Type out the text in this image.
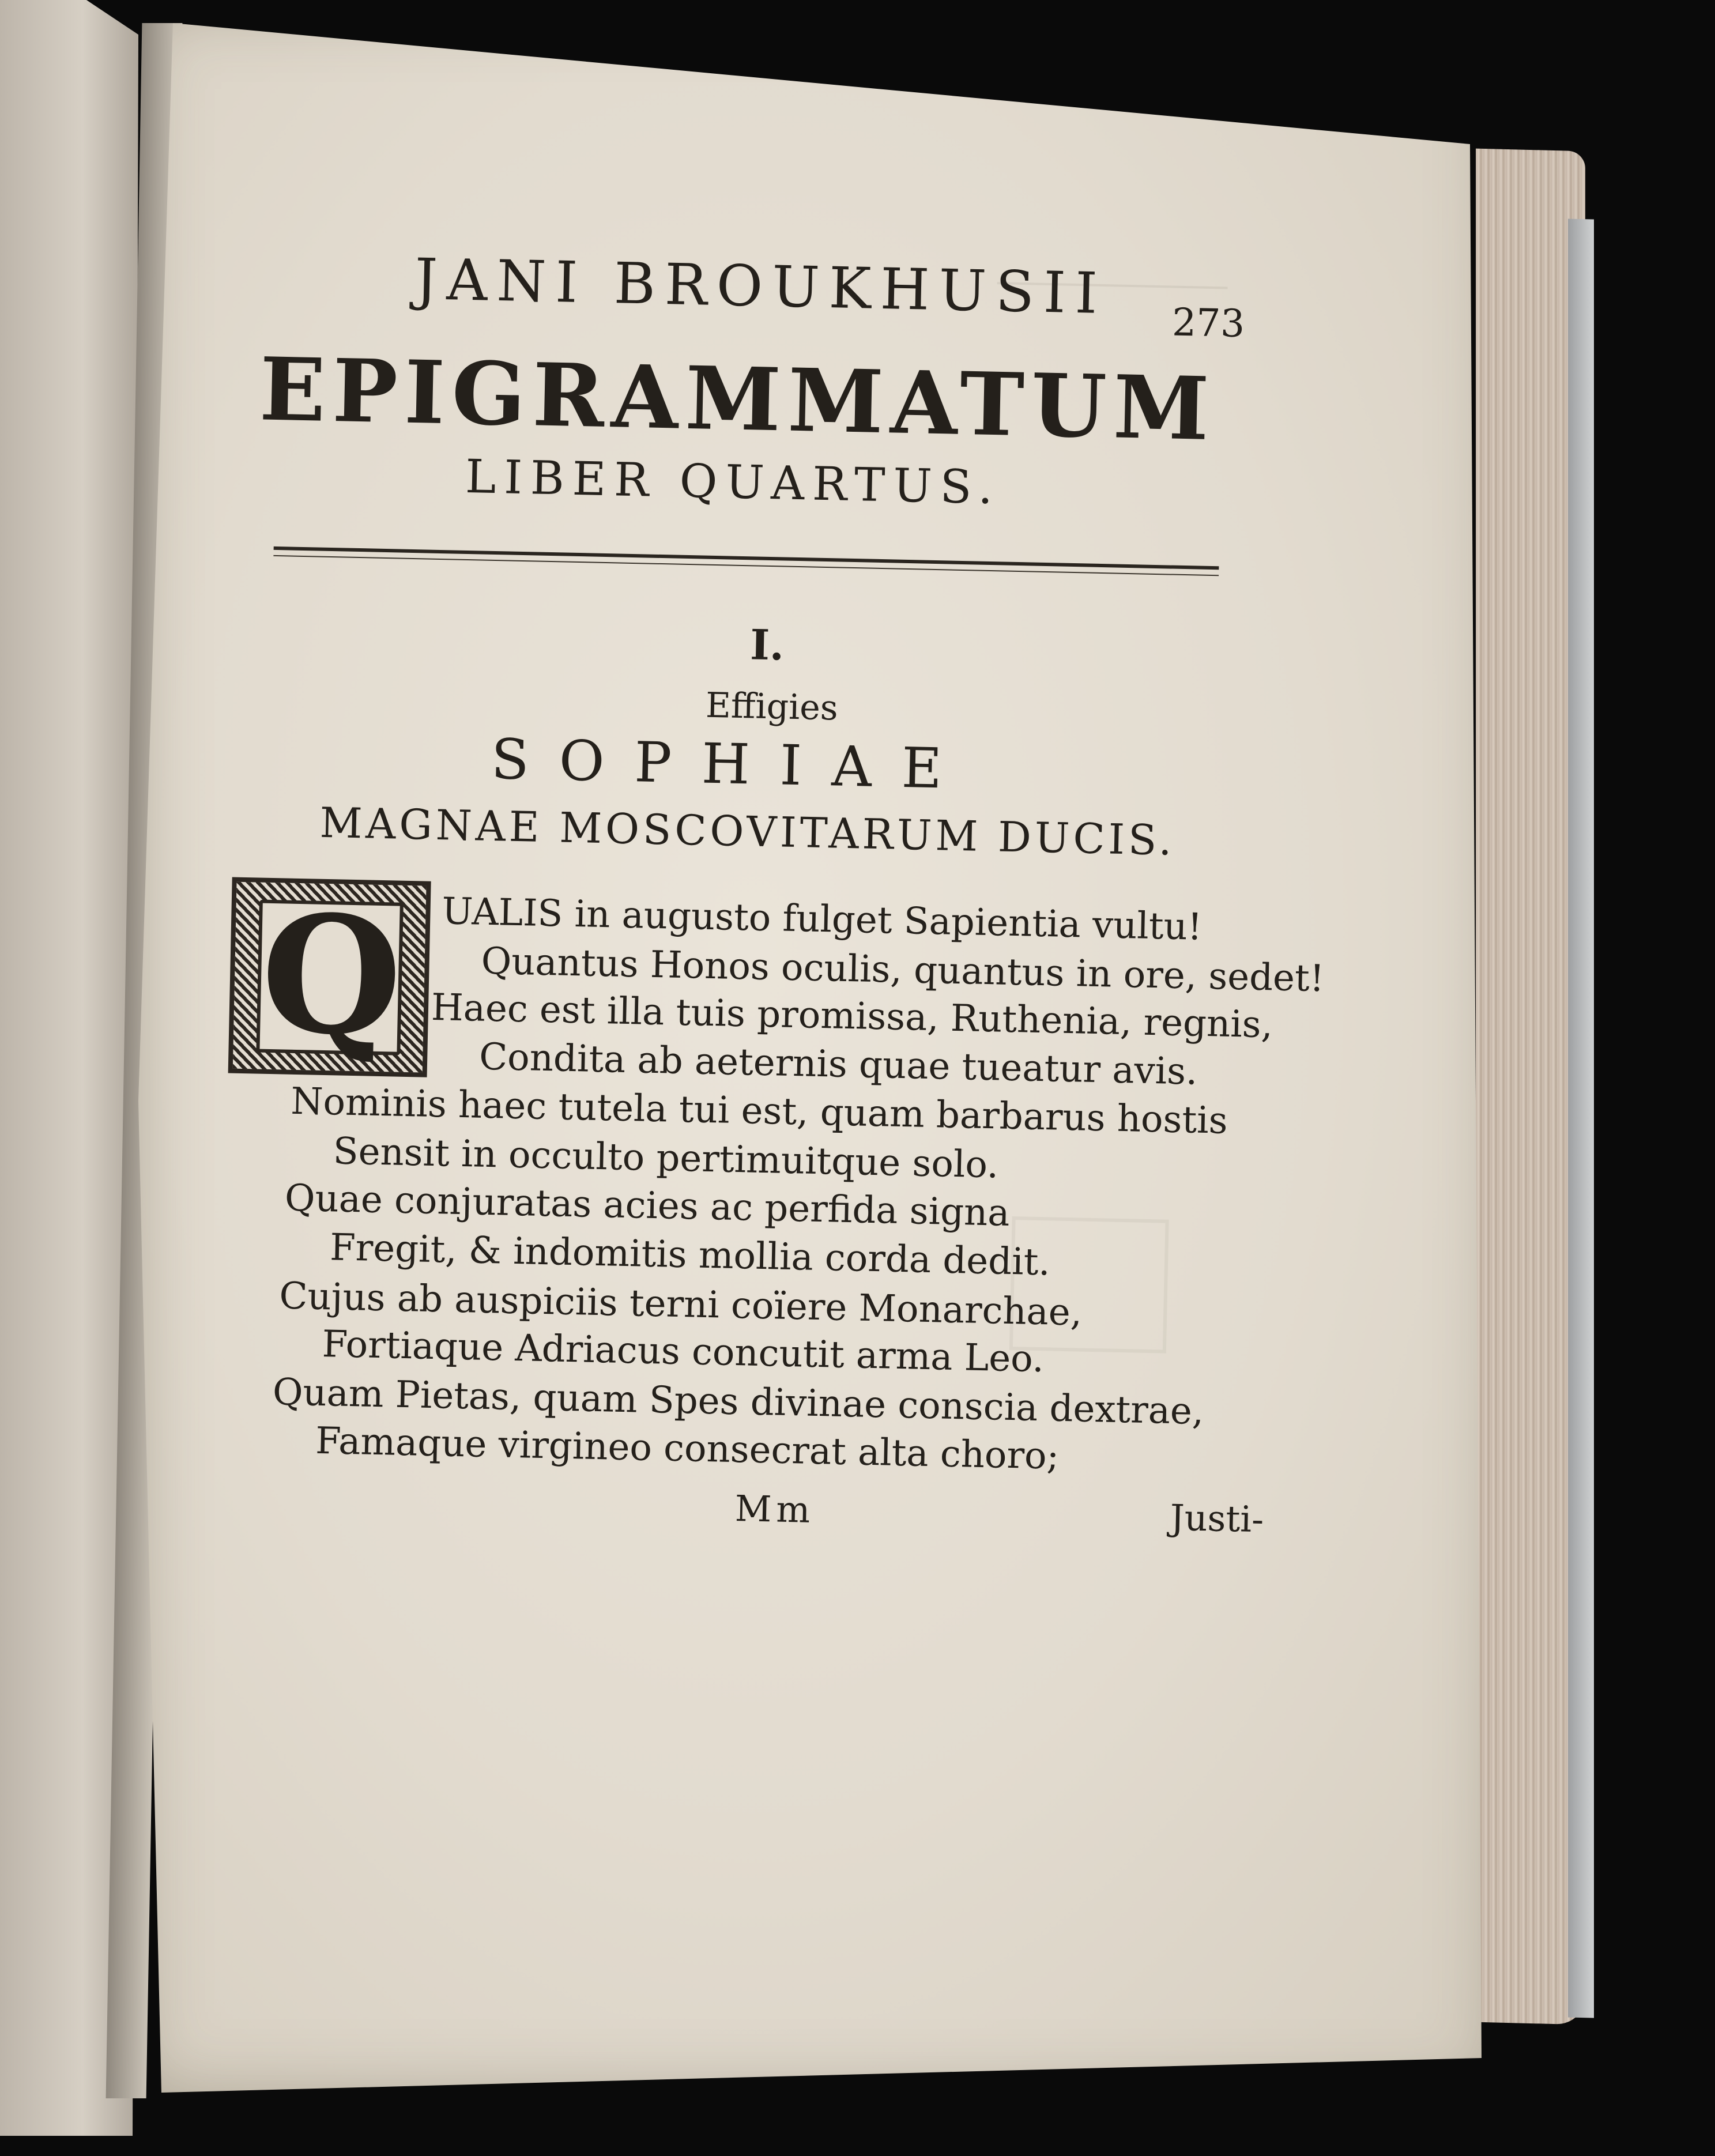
JANI BROUKHUSII 273

EPIGRAMMATUM

LIBER QUARTUS.

I.

Effigies

SOPHIAE

MAGNAE MOSCOVITARUM DUCIS.

Q UALIS in augusto fulget Sapientia vultu!

Quantus Honos oculis, quantus in ore, sedet!

Haec est illa tuis promissa, Ruthenia, regnis,

Condita ab aeternis quae tueatur avis.

Nominis haec tutela tui est, quam barbarus hostis

Sensit in occulto pertimuitque solo.

Quae conjuratas acies ac perfida signa

Fregit, & indomitis mollia corda dedit.

Cujus ab auspiciis terni coïere Monarchae,

Fortiaque Adriacus concutit arma Leo.

Quam Pietas, quam Spes divinae conscia dextrae,

Famaque virgineo consecrat alta choro;

Mm	Justi-
